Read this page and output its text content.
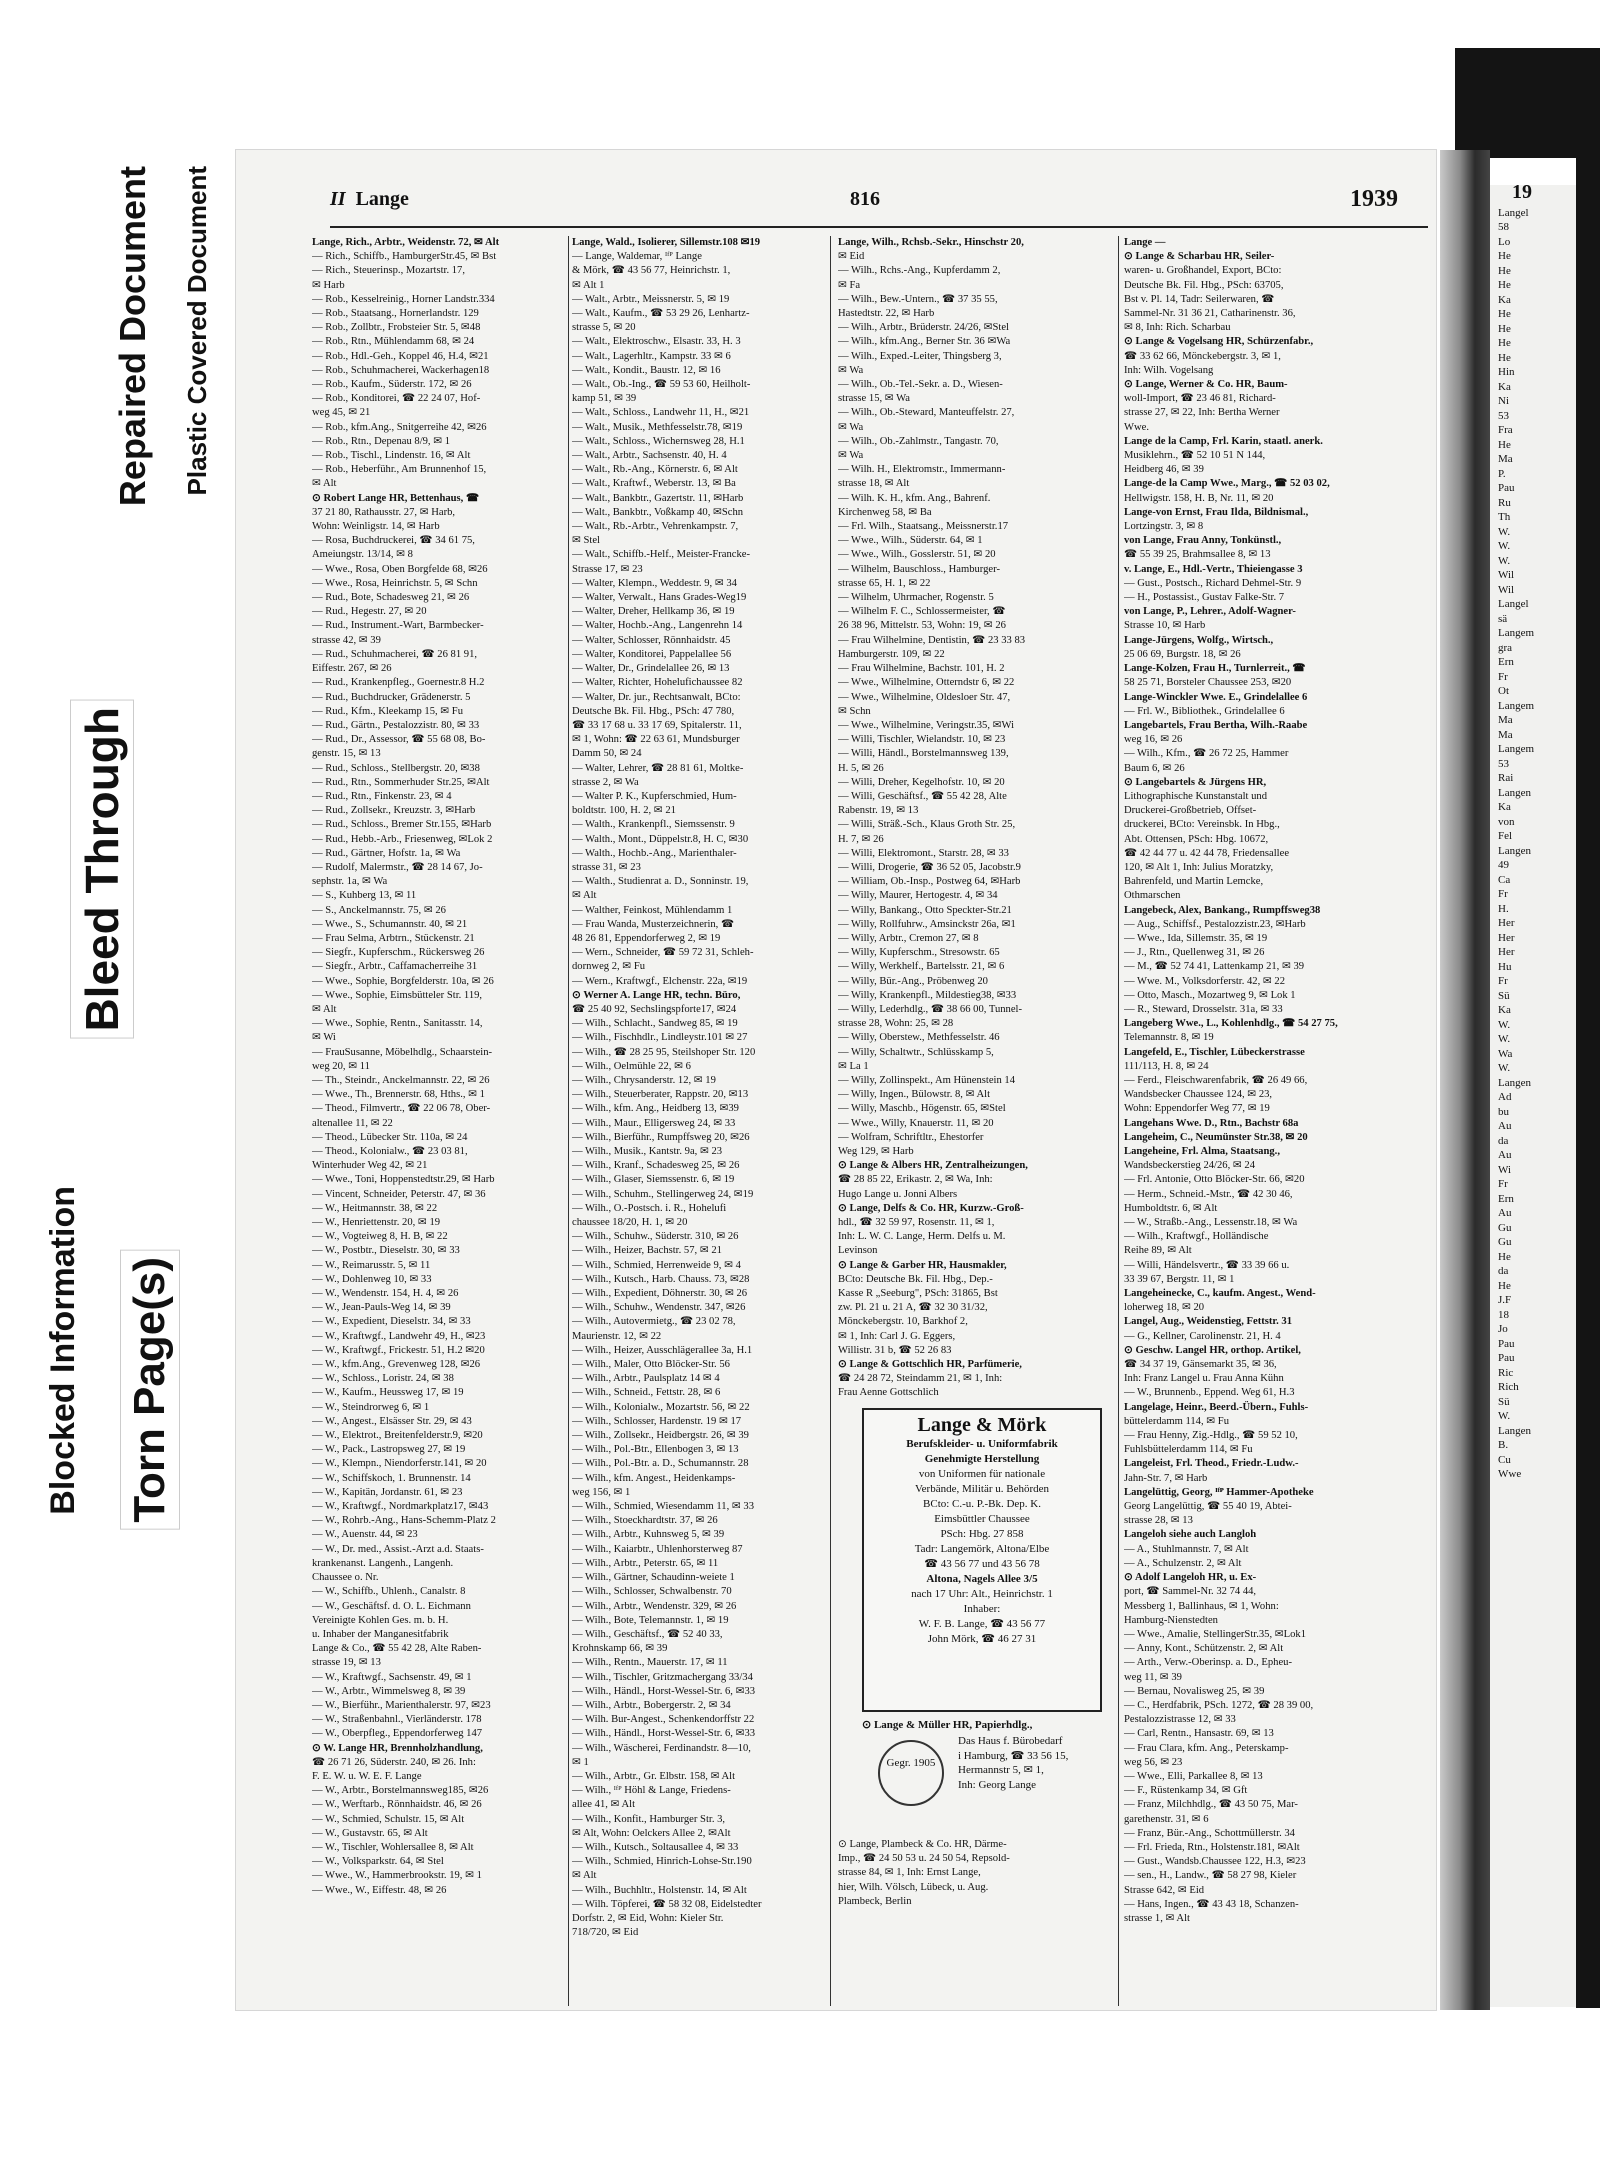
Plastic Covered Document
Repaired Document
Bleed Through
Blocked Information Torn Page(s)
19
Langel
58
Lo
He
He
He
Ka
He
He
He
He
Hin
Ka
Ni
53
Fra
He
Ma
P.
Pau
Ru
Th
W.
W.
W.
Wil
Wil
Langel
sä
Langem
gra
Ern
Fr
Ot
Langem
Ma
Ma
Langem
53
Rai
Langen
Ka
von
Fel
Langen
49
Ca
Fr
H.
Her
Her
Her
Hu
Fr
Sü
Ka
W.
W.
Wa
W.
Langen
Ad
bu
Au
da
Au
Wi
Fr
Ern
Au
Gu
Gu
He
da
He
J.F
18
Jo
Pau
Pau
Ric
Rich
Sü
W.
Langen
B.
Cu
Wwe
II Lange	816	1939
Lange, Rich., Arbtr., Weidenstr. 72, ✉ Alt
— Rich., Schiffb., HamburgerStr.45, ✉ Bst
— Rich., Steuerinsp., Mozartstr. 17,
✉ Harb
— Rob., Kesselreinig., Horner Landstr.334
— Rob., Staatsang., Hornerlandstr. 129
— Rob., Zollbtr., Frobsteier Str. 5, ✉48
— Rob., Rtn., Mühlendamm 68, ✉ 24
— Rob., Hdl.-Geh., Koppel 46, H.4, ✉21
— Rob., Schuhmacherei, Wackerhagen18
— Rob., Kaufm., Süderstr. 172, ✉ 26
— Rob., Konditorei, ☎ 22 24 07, Hof-
weg 45, ✉ 21
— Rob., kfm.Ang., Snitgerreihe 42, ✉26
— Rob., Rtn., Depenau 8/9, ✉ 1
— Rob., Tischl., Lindenstr. 16, ✉ Alt
— Rob., Heberführ., Am Brunnenhof 15,
✉ Alt
⊙ Robert Lange HR, Bettenhaus, ☎
37 21 80, Rathausstr. 27, ✉ Harb,
Wohn: Weinligstr. 14, ✉ Harb
— Rosa, Buchdruckerei, ☎ 34 61 75,
Ameiungstr. 13/14, ✉ 8
— Wwe., Rosa, Oben Borgfelde 68, ✉26
— Wwe., Rosa, Heinrichstr. 5, ✉ Schn
— Rud., Bote, Schadesweg 21, ✉ 26
— Rud., Hegestr. 27, ✉ 20
— Rud., Instrument.-Wart, Barmbecker-
strasse 42, ✉ 39
— Rud., Schuhmacherei, ☎ 26 81 91,
Eiffestr. 267, ✉ 26
— Rud., Krankenpfleg., Goernestr.8 H.2
— Rud., Buchdrucker, Grädenerstr. 5
— Rud., Kfm., Kleekamp 15, ✉ Fu
— Rud., Gärtn., Pestalozzistr. 80, ✉ 33
— Rud., Dr., Assessor, ☎ 55 68 08, Bo-
genstr. 15, ✉ 13
— Rud., Schloss., Stellbergstr. 20, ✉38
— Rud., Rtn., Sommerhuder Str.25, ✉Alt
— Rud., Rtn., Finkenstr. 23, ✉ 4
— Rud., Zollsekr., Kreuzstr. 3, ✉Harb
— Rud., Schloss., Bremer Str.155, ✉Harb
— Rud., Hebb.-Arb., Friesenweg, ✉Lok 2
— Rud., Gärtner, Hofstr. 1a, ✉ Wa
— Rudolf, Malermstr., ☎ 28 14 67, Jo-
sephstr. 1a, ✉ Wa
— S., Kuhberg 13, ✉ 11
— S., Anckelmannstr. 75, ✉ 26
— Wwe., S., Schumannstr. 40, ✉ 21
— Frau Selma, Arbtrn., Stückenstr. 21
— Siegfr., Kupferschm., Rückersweg 26
— Siegfr., Arbtr., Caffamacherreihe 31
— Wwe., Sophie, Borgfelderstr. 10a, ✉ 26
— Wwe., Sophie, Eimsbütteler Str. 119,
✉ Alt
— Wwe., Sophie, Rentn., Sanitasstr. 14,
✉ Wi
— FrauSusanne, Möbelhdlg., Schaarstein-
weg 20, ✉ 11
— Th., Steindr., Anckelmannstr. 22, ✉ 26
— Wwe., Th., Brennerstr. 68, Hths., ✉ 1
— Theod., Filmvertr., ☎ 22 06 78, Ober-
altenallee 11, ✉ 22
— Theod., Lübecker Str. 110a, ✉ 24
— Theod., Kolonialw., ☎ 23 03 81,
Winterhuder Weg 42, ✉ 21
— Wwe., Toni, Hoppenstedtstr.29, ✉ Harb
— Vincent, Schneider, Peterstr. 47, ✉ 36
— W., Heitmannstr. 38, ✉ 22
— W., Henriettenstr. 20, ✉ 19
— W., Vogteiweg 8, H. B, ✉ 22
— W., Postbtr., Dieselstr. 30, ✉ 33
— W., Reimarusstr. 5, ✉ 11
— W., Dohlenweg 10, ✉ 33
— W., Wendenstr. 154, H. 4, ✉ 26
— W., Jean-Pauls-Weg 14, ✉ 39
— W., Expedient, Dieselstr. 34, ✉ 33
— W., Kraftwgf., Landwehr 49, H., ✉23
— W., Kraftwgf., Frickestr. 51, H.2 ✉20
— W., kfm.Ang., Grevenweg 128, ✉26
— W., Schloss., Loristr. 24, ✉ 38
— W., Kaufm., Heussweg 17, ✉ 19
— W., Steindrorweg 6, ✉ 1
— W., Angest., Elsässer Str. 29, ✉ 43
— W., Elektrot., Breitenfelderstr.9, ✉20
— W., Pack., Lastropsweg 27, ✉ 19
— W., Klempn., Niendorferstr.141, ✉ 20
— W., Schiffskoch, 1. Brunnenstr. 14
— W., Kapitän, Jordanstr. 61, ✉ 23
— W., Kraftwgf., Nordmarkplatz17, ✉43
— W., Rohrb.-Ang., Hans-Schemm-Platz 2
— W., Auenstr. 44, ✉ 23
— W., Dr. med., Assist.-Arzt a.d. Staats-
krankenanst. Langenh., Langenh.
Chaussee o. Nr.
— W., Schiffb., Uhlenh., Canalstr. 8
— W., Geschäftsf. d. O. L. Eichmann
Vereinigte Kohlen Ges. m. b. H.
u. Inhaber der Manganesitfabrik
Lange & Co., ☎ 55 42 28, Alte Raben-
strasse 19, ✉ 13
— W., Kraftwgf., Sachsenstr. 49, ✉ 1
— W., Arbtr., Wimmelsweg 8, ✉ 39
— W., Bierführ., Marienthalerstr. 97, ✉23
— W., Straßenbahnl., Vierländerstr. 178
— W., Oberpfleg., Eppendorferweg 147
⊙ W. Lange HR, Brennholzhandlung,
☎ 26 71 26, Süderstr. 240, ✉ 26. Inh:
F. E. W. u. W. E. F. Lange
— W., Arbtr., Borstelmannsweg185, ✉26
— W., Werftarb., Rönnhaidstr. 46, ✉ 26
— W., Schmied, Schulstr. 15, ✉ Alt
— W., Gustavstr. 65, ✉ Alt
— W., Tischler, Wohlersallee 8, ✉ Alt
— W., Volksparkstr. 64, ✉ Stel
— Wwe., W., Hammerbrookstr. 19, ✉ 1
— Wwe., W., Eiffestr. 48, ✉ 26
Lange, Wald., Isolierer, Sillemstr.108 ✉19
— Lange, Waldemar, ᴵᶠᴾ Lange
& Mörk, ☎ 43 56 77, Heinrichstr. 1,
✉ Alt 1
— Walt., Arbtr., Meissnerstr. 5, ✉ 19
— Walt., Kaufm., ☎ 53 29 26, Lenhartz-
strasse 5, ✉ 20
— Walt., Elektroschw., Elsastr. 33, H. 3
— Walt., Lagerhltr., Kampstr. 33 ✉ 6
— Walt., Kondit., Baustr. 12, ✉ 16
— Walt., Ob.-Ing., ☎ 59 53 60, Heilholt-
kamp 51, ✉ 39
— Walt., Schloss., Landwehr 11, H., ✉21
— Walt., Musik., Methfesselstr.78, ✉19
— Walt., Schloss., Wichernsweg 28, H.1
— Walt., Arbtr., Sachsenstr. 40, H. 4
— Walt., Rb.-Ang., Körnerstr. 6, ✉ Alt
— Walt., Kraftwf., Weberstr. 13, ✉ Ba
— Walt., Bankbtr., Gazertstr. 11, ✉Harb
— Walt., Bankbtr., Voßkamp 40, ✉Schn
— Walt., Rb.-Arbtr., Vehrenkampstr. 7,
✉ Stel
— Walt., Schiffb.-Helf., Meister-Francke-
Strasse 17, ✉ 23
— Walter, Klempn., Weddestr. 9, ✉ 34
— Walter, Verwalt., Hans Grades-Weg19
— Walter, Dreher, Hellkamp 36, ✉ 19
— Walter, Hochb.-Ang., Langenrehn 14
— Walter, Schlosser, Rönnhaidstr. 45
— Walter, Konditorei, Pappelallee 56
— Walter, Dr., Grindelallee 26, ✉ 13
— Walter, Richter, Hohelufichaussee 82
— Walter, Dr. jur., Rechtsanwalt, BCto:
Deutsche Bk. Fil. Hbg., PSch: 47 780,
☎ 33 17 68 u. 33 17 69, Spitalerstr. 11,
✉ 1, Wohn: ☎ 22 63 61, Mundsburger
Damm 50, ✉ 24
— Walter, Lehrer, ☎ 28 81 61, Moltke-
strasse 2, ✉ Wa
— Walter P. K., Kupferschmied, Hum-
boldtstr. 100, H. 2, ✉ 21
— Walth., Krankenpfl., Siemssenstr. 9
— Walth., Mont., Düppelstr.8, H. C, ✉30
— Walth., Hochb.-Ang., Marienthaler-
strasse 31, ✉ 23
— Walth., Studienrat a. D., Sonninstr. 19,
✉ Alt
— Walther, Feinkost, Mühlendamm 1
— Frau Wanda, Musterzeichnerin, ☎
48 26 81, Eppendorferweg 2, ✉ 19
— Wern., Schneider, ☎ 59 72 31, Schleh-
dornweg 2, ✉ Fu
— Wern., Kraftwgf., Elchenstr. 22a, ✉19
⊙ Werner A. Lange HR, techn. Büro,
☎ 25 40 92, Sechslingspforte17, ✉24
— Wilh., Schlacht., Sandweg 85, ✉ 19
— Wilh., Fischhdlr., Lindleystr.101 ✉ 27
— Wilh., ☎ 28 25 95, Steilshoper Str. 120
— Wilh., Oelmühle 22, ✉ 6
— Wilh., Chrysanderstr. 12, ✉ 19
— Wilh., Steuerberater, Rappstr. 20, ✉13
— Wilh., kfm. Ang., Heidberg 13, ✉39
— Wilh., Maur., Elligersweg 24, ✉ 33
— Wilh., Bierführ., Rumpffsweg 20, ✉26
— Wilh., Musik., Kantstr. 9a, ✉ 23
— Wilh., Kranf., Schadesweg 25, ✉ 26
— Wilh., Glaser, Siemssenstr. 6, ✉ 19
— Wilh., Schuhm., Stellingerweg 24, ✉19
— Wilh., O.-Postsch. i. R., Hohelufi
chaussee 18/20, H. 1, ✉ 20
— Wilh., Schuhw., Süderstr. 310, ✉ 26
— Wilh., Heizer, Bachstr. 57, ✉ 21
— Wilh., Schmied, Herrenweide 9, ✉ 4
— Wilh., Kutsch., Harb. Chauss. 73, ✉28
— Wilh., Expedient, Döhnerstr. 30, ✉ 26
— Wilh., Schuhw., Wendenstr. 347, ✉26
— Wilh., Autovermietg., ☎ 23 02 78,
Maurienstr. 12, ✉ 22
— Wilh., Heizer, Ausschlägerallee 3a, H.1
— Wilh., Maler, Otto Blöcker-Str. 56
— Wilh., Arbtr., Paulsplatz 14 ✉ 4
— Wilh., Schneid., Fettstr. 28, ✉ 6
— Wilh., Kolonialw., Mozartstr. 56, ✉ 22
— Wilh., Schlosser, Hardenstr. 19 ✉ 17
— Wilh., Zollsekr., Heidbergstr. 26, ✉ 39
— Wilh., Pol.-Btr., Ellenbogen 3, ✉ 13
— Wilh., Pol.-Btr. a. D., Schumannstr. 28
— Wilh., kfm. Angest., Heidenkamps-
weg 156, ✉ 1
— Wilh., Schmied, Wiesendamm 11, ✉ 33
— Wilh., Stoeckhardtstr. 37, ✉ 26
— Wilh., Arbtr., Kuhnsweg 5, ✉ 39
— Wilh., Kaiarbtr., Uhlenhorsterweg 87
— Wilh., Arbtr., Peterstr. 65, ✉ 11
— Wilh., Gärtner, Schaudinn-weiete 1
— Wilh., Schlosser, Schwalbenstr. 70
— Wilh., Arbtr., Wendenstr. 329, ✉ 26
— Wilh., Bote, Telemannstr. 1, ✉ 19
— Wilh., Geschäftsf., ☎ 52 40 33,
Krohnskamp 66, ✉ 39
— Wilh., Rentn., Mauerstr. 17, ✉ 11
— Wilh., Tischler, Gritzmachergang 33/34
— Wilh., Händl., Horst-Wessel-Str. 6, ✉33
— Wilh., Arbtr., Bobergerstr. 2, ✉ 34
— Wilh. Bur-Angest., Schenkendorffstr 22
— Wilh., Händl., Horst-Wessel-Str. 6, ✉33
— Wilh., Wäscherei, Ferdinandstr. 8—10,
✉ 1
— Wilh., Arbtr., Gr. Elbstr. 158, ✉ Alt
— Wilh., ᴵᶠᴾ Höhl & Lange, Friedens-
allee 41, ✉ Alt
— Wilh., Konfit., Hamburger Str. 3,
✉ Alt, Wohn: Oelckers Allee 2, ✉Alt
— Wilh., Kutsch., Soltausallee 4, ✉ 33
— Wilh., Schmied, Hinrich-Lohse-Str.190
✉ Alt
— Wilh., Buchhltr., Holstenstr. 14, ✉ Alt
— Wilh. Töpferei, ☎ 58 32 08, Eidelstedter
Dorfstr. 2, ✉ Eid, Wohn: Kieler Str.
718/720, ✉ Eid
Lange, Wilh., Rchsb.-Sekr., Hinschstr 20,
✉ Eid
— Wilh., Rchs.-Ang., Kupferdamm 2,
✉ Fa
— Wilh., Bew.-Untern., ☎ 37 35 55,
Hastedtstr. 22, ✉ Harb
— Wilh., Arbtr., Brüderstr. 24/26, ✉Stel
— Wilh., kfm.Ang., Berner Str. 36 ✉Wa
— Wilh., Exped.-Leiter, Thingsberg 3,
✉ Wa
— Wilh., Ob.-Tel.-Sekr. a. D., Wiesen-
strasse 15, ✉ Wa
— Wilh., Ob.-Steward, Manteuffelstr. 27,
✉ Wa
— Wilh., Ob.-Zahlmstr., Tangastr. 70,
✉ Wa
— Wilh. H., Elektromstr., Immermann-
strasse 18, ✉ Alt
— Wilh. K. H., kfm. Ang., Bahrenf.
Kirchenweg 58, ✉ Ba
— Frl. Wilh., Staatsang., Meissnerstr.17
— Wwe., Wilh., Süderstr. 64, ✉ 1
— Wwe., Wilh., Gosslerstr. 51, ✉ 20
— Wilhelm, Bauschloss., Hamburger-
strasse 65, H. 1, ✉ 22
— Wilhelm, Uhrmacher, Rogenstr. 5
— Wilhelm F. C., Schlossermeister, ☎
26 38 96, Mittelstr. 53, Wohn: 19, ✉ 26
— Frau Wilhelmine, Dentistin, ☎ 23 33 83
Hamburgerstr. 109, ✉ 22
— Frau Wilhelmine, Bachstr. 101, H. 2
— Wwe., Wilhelmine, Otterndstr 6, ✉ 22
— Wwe., Wilhelmine, Oldesloer Str. 47,
✉ Schn
— Wwe., Wilhelmine, Veringstr.35, ✉Wi
— Willi, Tischler, Wielandstr. 10, ✉ 23
— Willi, Händl., Borstelmannsweg 139,
H. 5, ✉ 26
— Willi, Dreher, Kegelhofstr. 10, ✉ 20
— Willi, Geschäftsf., ☎ 55 42 28, Alte
Rabenstr. 19, ✉ 13
— Willi, Sträß.-Sch., Klaus Groth Str. 25,
H. 7, ✉ 26
— Willi, Elektromont., Starstr. 28, ✉ 33
— Willi, Drogerie, ☎ 36 52 05, Jacobstr.9
— William, Ob.-Insp., Postweg 64, ✉Harb
— Willy, Maurer, Hertogestr. 4, ✉ 34
— Willy, Bankang., Otto Speckter-Str.21
— Willy, Rollfuhrw., Amsinckstr 26a, ✉1
— Willy, Arbtr., Cremon 27, ✉ 8
— Willy, Kupferschm., Stresowstr. 65
— Willy, Werkhelf., Bartelsstr. 21, ✉ 6
— Willy, Bür.-Ang., Pröbenweg 20
— Willy, Krankenpfl., Mildestieg38, ✉33
— Willy, Lederhdlg., ☎ 38 66 00, Tunnel-
strasse 28, Wohn: 25, ✉ 28
— Willy, Oberstew., Methfesselstr. 46
— Willy, Schaltwtr., Schlüsskamp 5,
✉ La 1
— Willy, Zollinspekt., Am Hünenstein 14
— Willy, Ingen., Bülowstr. 8, ✉ Alt
— Willy, Maschb., Högenstr. 65, ✉Stel
— Wwe., Willy, Knauerstr. 11, ✉ 20
— Wolfram, Schriftltr., Ehestorfer
Weg 129, ✉ Harb
⊙ Lange & Albers HR, Zentralheizungen,
☎ 28 85 22, Erikastr. 2, ✉ Wa, Inh:
Hugo Lange u. Jonni Albers
⊙ Lange, Delfs & Co. HR, Kurzw.-Groß-
hdl., ☎ 32 59 97, Rosenstr. 11, ✉ 1,
Inh: L. W. C. Lange, Herm. Delfs u. M.
Levinson
⊙ Lange & Garber HR, Hausmakler,
BCto: Deutsche Bk. Fil. Hbg., Dep.-
Kasse R „Seeburg", PSch: 31865, Bst
zw. Pl. 21 u. 21 A, ☎ 32 30 31/32,
Mönckebergstr. 10, Barkhof 2,
✉ 1, Inh: Carl J. G. Eggers,
Willistr. 31 b, ☎ 52 26 83
⊙ Lange & Gottschlich HR, Parfümerie,
☎ 24 28 72, Steindamm 21, ✉ 1, Inh:
Frau Aenne Gottschlich
Lange —
⊙ Lange & Scharbau HR, Seiler-
waren- u. Großhandel, Export, BCto:
Deutsche Bk. Fil. Hbg., PSch: 63705,
Bst v. Pl. 14, Tadr: Seilerwaren, ☎
Sammel-Nr. 31 36 21, Catharinenstr. 36,
✉ 8, Inh: Rich. Scharbau
⊙ Lange & Vogelsang HR, Schürzenfabr.,
☎ 33 62 66, Mönckebergstr. 3, ✉ 1,
Inh: Wilh. Vogelsang
⊙ Lange, Werner & Co. HR, Baum-
woll-Import, ☎ 23 46 81, Richard-
strasse 27, ✉ 22, Inh: Bertha Werner
Wwe.
Lange de la Camp, Frl. Karin, staatl. anerk.
Musiklehrn., ☎ 52 10 51 N 144,
Heidberg 46, ✉ 39
Lange-de la Camp Wwe., Marg., ☎ 52 03 02,
Hellwigstr. 158, H. B, Nr. 11, ✉ 20
Lange-von Ernst, Frau Ilda, Bildnismal.,
Lortzingstr. 3, ✉ 8
von Lange, Frau Anny, Tonkünstl.,
☎ 55 39 25, Brahmsallee 8, ✉ 13
v. Lange, E., Hdl.-Vertr., Thieiengasse 3
— Gust., Postsch., Richard Dehmel-Str. 9
— H., Postassist., Gustav Falke-Str. 7
von Lange, P., Lehrer., Adolf-Wagner-
Strasse 10, ✉ Harb
Lange-Jürgens, Wolfg., Wirtsch.,
25 06 69, Burgstr. 18, ✉ 26
Lange-Kolzen, Frau H., Turnlerreit., ☎
58 25 71, Borsteler Chaussee 253, ✉20
Lange-Winckler Wwe. E., Grindelallee 6
— Frl. W., Bibliothek., Grindelallee 6
Langebartels, Frau Bertha, Wilh.-Raabe
weg 16, ✉ 26
— Wilh., Kfm., ☎ 26 72 25, Hammer
Baum 6, ✉ 26
⊙ Langebartels & Jürgens HR,
Lithographische Kunstanstalt und
Druckerei-Großbetrieb, Offset-
druckerei, BCto: Vereinsbk. In Hbg.,
Abt. Ottensen, PSch: Hbg. 10672,
☎ 42 44 77 u. 42 44 78, Friedensallee
120, ✉ Alt 1, Inh: Julius Moratzky,
Bahrenfeld, und Martin Lemcke,
Othmarschen
Langebeck, Alex, Bankang., Rumpffsweg38
— Aug., Schiffsf., Pestalozzistr.23, ✉Harb
— Wwe., Ida, Sillemstr. 35, ✉ 19
— J., Rtn., Quellenweg 31, ✉ 26
— M., ☎ 52 74 41, Lattenkamp 21, ✉ 39
— Wwe. M., Volksdorferstr. 42, ✉ 22
— Otto, Masch., Mozartweg 9, ✉ Lok 1
— R., Steward, Drosselstr. 31a, ✉ 33
Langeberg Wwe., L., Kohlenhdlg., ☎ 54 27 75,
Telemannstr. 8, ✉ 19
Langefeld, E., Tischler, Lübeckerstrasse
111/113, H. 8, ✉ 24
— Ferd., Fleischwarenfabrik, ☎ 26 49 66,
Wandsbecker Chaussee 124, ✉ 23,
Wohn: Eppendorfer Weg 77, ✉ 19
Langehans Wwe. D., Rtn., Bachstr 68a
Langeheim, C., Neumünster Str.38, ✉ 20
Langeheine, Frl. Alma, Staatsang.,
Wandsbeckerstieg 24/26, ✉ 24
— Frl. Antonie, Otto Blöcker-Str. 66, ✉20
— Herm., Schneid.-Mstr., ☎ 42 30 46,
Humboldtstr. 6, ✉ Alt
— W., Straßb.-Ang., Lessenstr.18, ✉ Wa
— Wilh., Kraftwgf., Holländische
Reihe 89, ✉ Alt
— Willi, Händelsvertr., ☎ 33 39 66 u.
33 39 67, Bergstr. 11, ✉ 1
Langeheinecke, C., kaufm. Angest., Wend-
loherweg 18, ✉ 20
Langel, Aug., Weidenstieg, Fettstr. 31
— G., Kellner, Carolinenstr. 21, H. 4
⊙ Geschw. Langel HR, orthop. Artikel,
☎ 34 37 19, Gänsemarkt 35, ✉ 36,
Inh: Franz Langel u. Frau Anna Kühn
— W., Brunnenb., Eppend. Weg 61, H.3
Langelage, Heinr., Beerd.-Übern., Fuhls-
büttelerdamm 114, ✉ Fu
— Frau Henny, Zig.-Hdlg., ☎ 59 52 10,
Fuhlsbüttelerdamm 114, ✉ Fu
Langeleist, Frl. Theod., Friedr.-Ludw.-
Jahn-Str. 7, ✉ Harb
Langelüttig, Georg, ᴵᶠᴾ Hammer-Apotheke
Georg Langelüttig, ☎ 55 40 19, Abtei-
strasse 28, ✉ 13
Langeloh siehe auch Langloh
— A., Stuhlmannstr. 7, ✉ Alt
— A., Schulzenstr. 2, ✉ Alt
⊙ Adolf Langeloh HR, u. Ex-
port, ☎ Sammel-Nr. 32 74 44,
Messberg 1, Ballinhaus, ✉ 1, Wohn:
Hamburg-Nienstedten
— Wwe., Amalie, StellingerStr.35, ✉Lok1
— Anny, Kont., Schützenstr. 2, ✉ Alt
— Arth., Verw.-Oberinsp. a. D., Epheu-
weg 11, ✉ 39
— Bernau, Novalisweg 25, ✉ 39
— C., Herdfabrik, PSch. 1272, ☎ 28 39 00,
Pestalozzistrasse 12, ✉ 33
— Carl, Rentn., Hansastr. 69, ✉ 13
— Frau Clara, kfm. Ang., Peterskamp-
weg 56, ✉ 23
— Wwe., Elli, Parkallee 8, ✉ 13
— F., Rüstenkamp 34, ✉ Gft
— Franz, Milchhdlg., ☎ 43 50 75, Mar-
garethenstr. 31, ✉ 6
— Franz, Bür.-Ang., Schottmüllerstr. 34
— Frl. Frieda, Rtn., Holstenstr.181, ✉Alt
— Gust., Wandsb.Chaussee 122, H.3, ✉23
— sen., H., Landw., ☎ 58 27 98, Kieler
Strasse 642, ✉ Eid
— Hans, Ingen., ☎ 43 43 18, Schanzen-
strasse 1, ✉ Alt
Lange & Mörk
Berufskleider- u. Uniformfabrik
Genehmigte Herstellung
von Uniformen für nationale
Verbände, Militär u. Behörden
BCto: C.-u. P.-Bk. Dep. K.
Eimsbüttler Chaussee
PSch: Hbg. 27 858
Tadr: Langemörk, Altona/Elbe
☎ 43 56 77 und 43 56 78
Altona, Nagels Allee 3/5
nach 17 Uhr: Alt., Heinrichstr. 1
Inhaber:
W. F. B. Lange, ☎ 43 56 77
John Mörk, ☎ 46 27 31
⊙ Lange & Müller HR, Papierhdlg.,
Gegr. 1905
Das Haus f. Bürobedarf
i Hamburg, ☎ 33 56 15,
Hermannstr 5, ✉ 1,
Inh: Georg Lange
⊙ Lange, Plambeck & Co. HR, Därme-
Imp., ☎ 24 50 53 u. 24 50 54, Repsold-
strasse 84, ✉ 1, Inh: Ernst Lange,
hier, Wilh. Völsch, Lübeck, u. Aug.
Plambeck, Berlin
